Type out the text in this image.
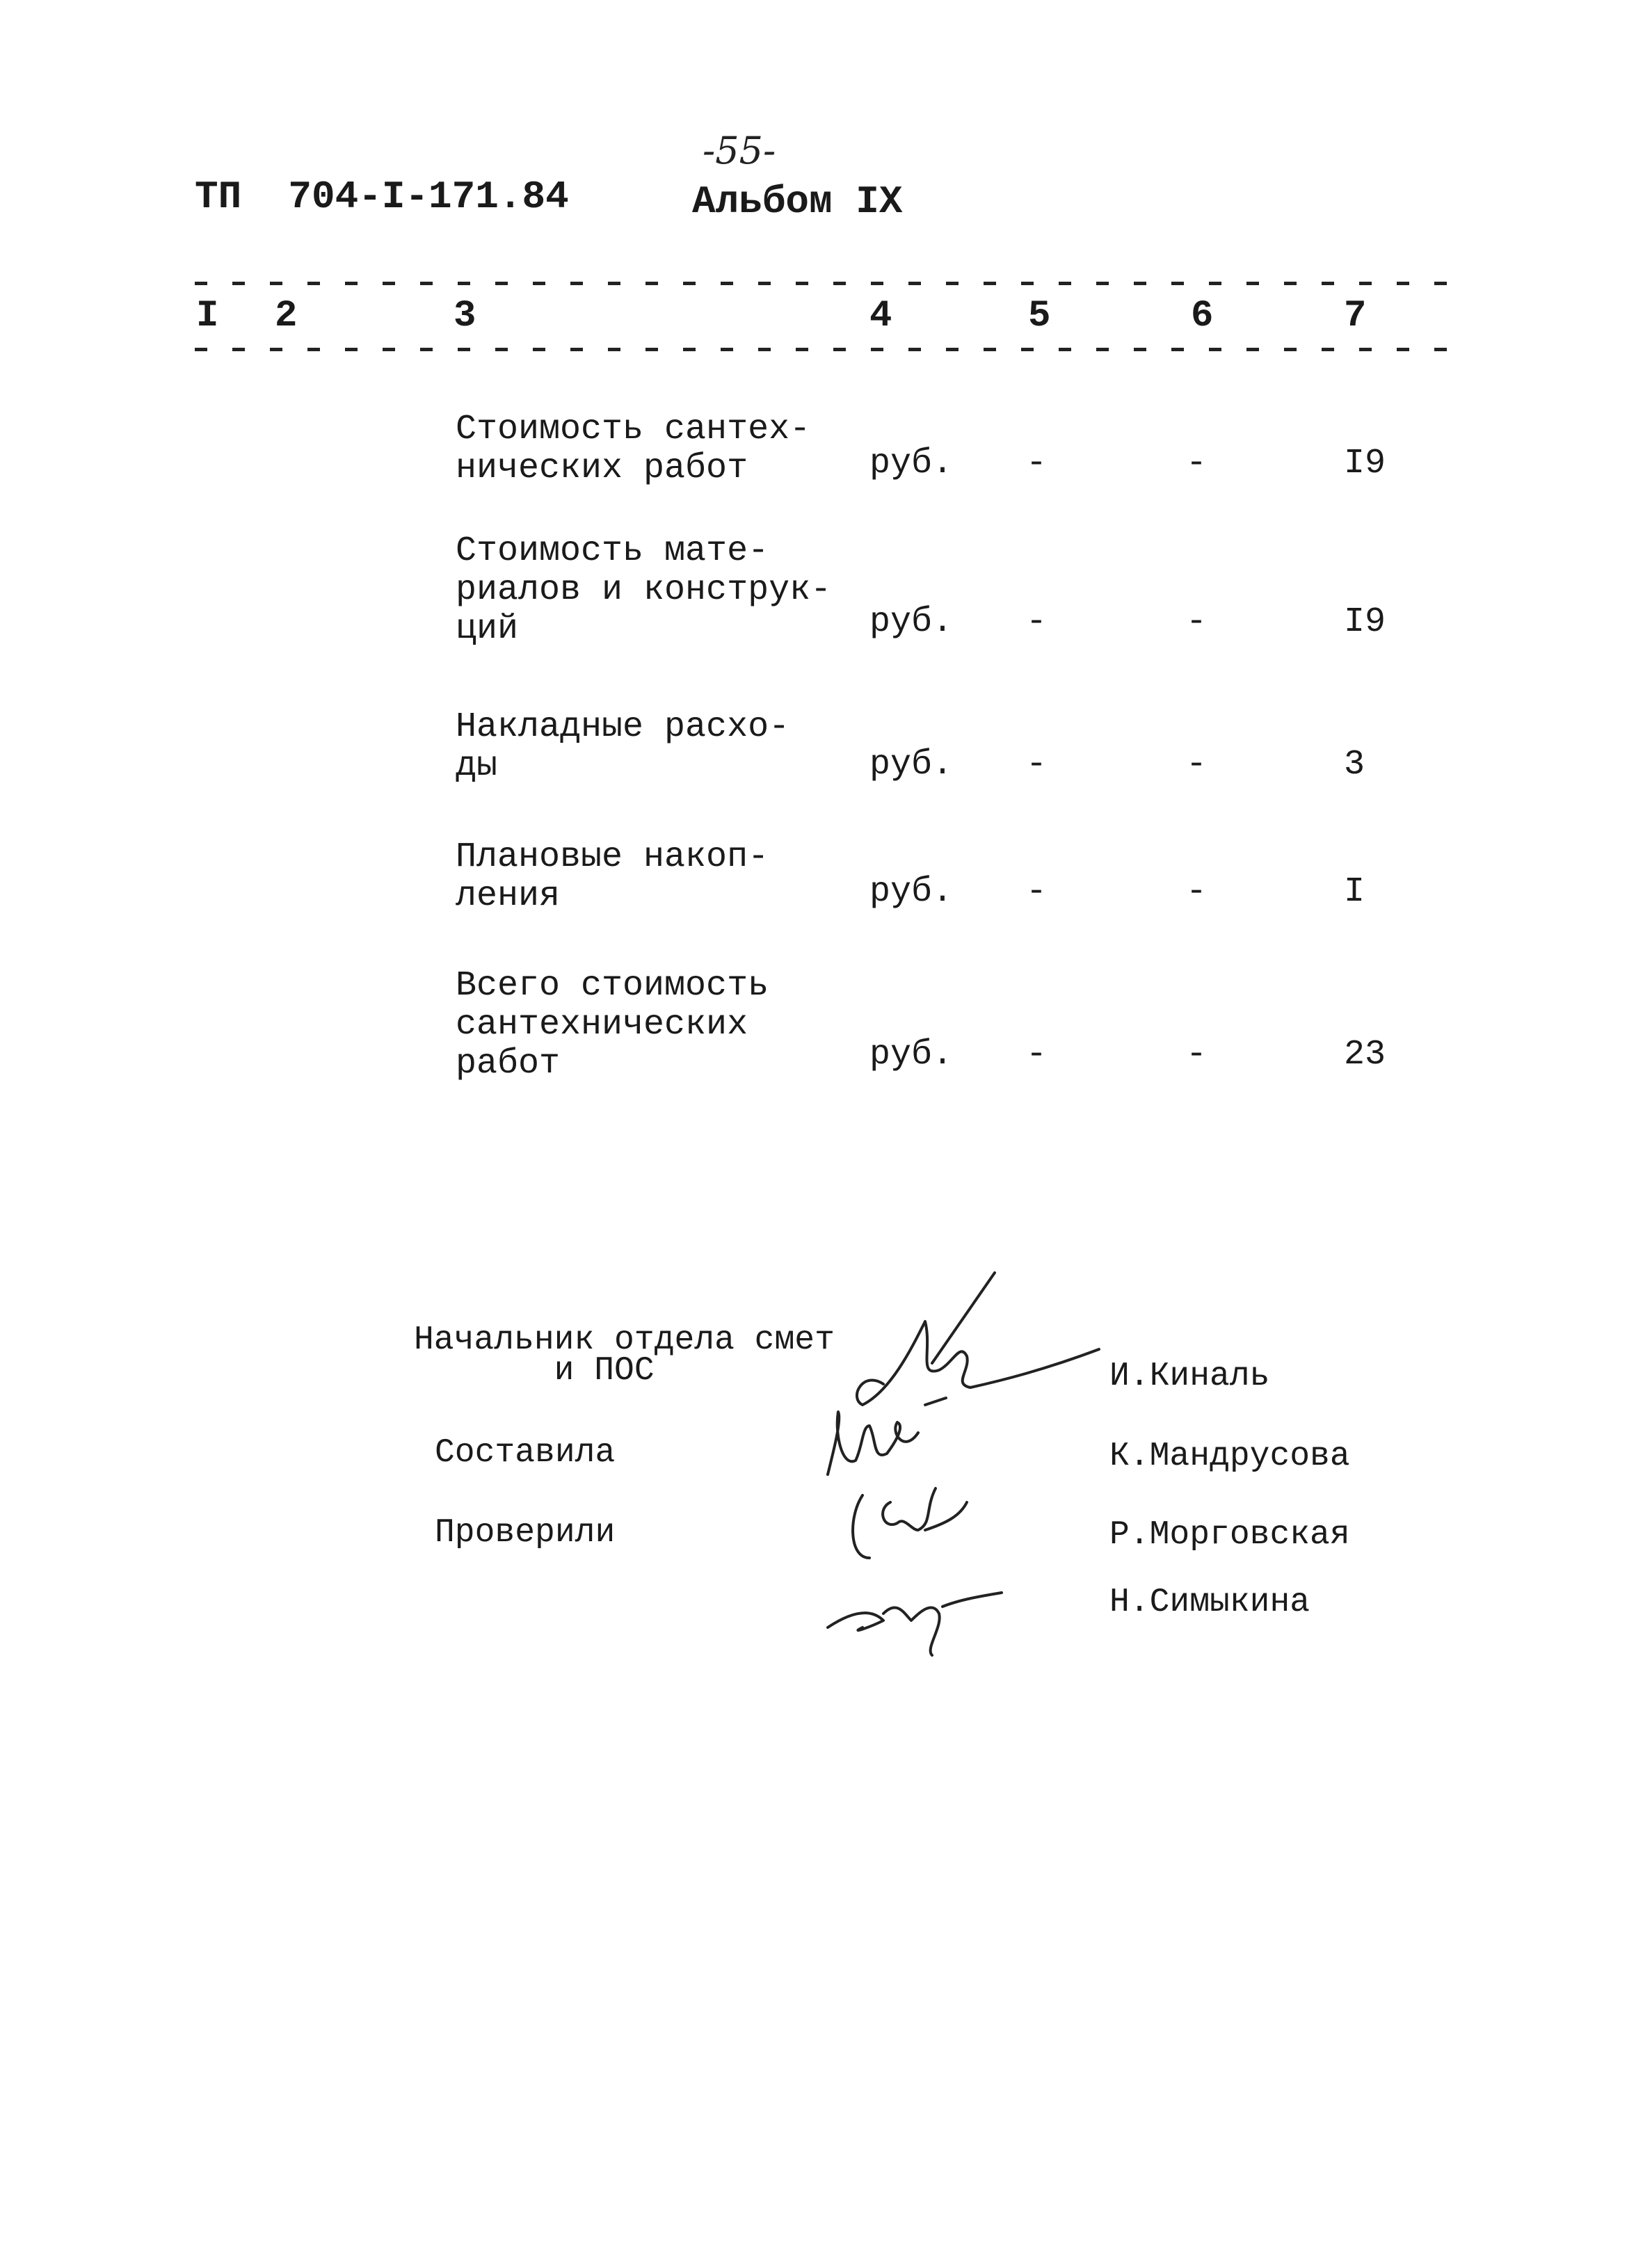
-55-
ТП  704-I-171.84	Альбом IX
I 2	3	4	5	6	7
Стоимость сантех-
нических работ	руб. -	-	I9
Стоимость мате-
риалов и конструк-
ций	руб. -	-	I9
Накладные расхо-
ды	руб. -	-	3
Плановые накоп-
ления	руб. -	-	I
Всего стоимость
сантехнических
работ	руб. -	-	23
Начальник отдела смет
и ПОС
Составила
Проверили
И.Киналь
К.Мандрусова
Р.Морговская
Н.Симыкина
